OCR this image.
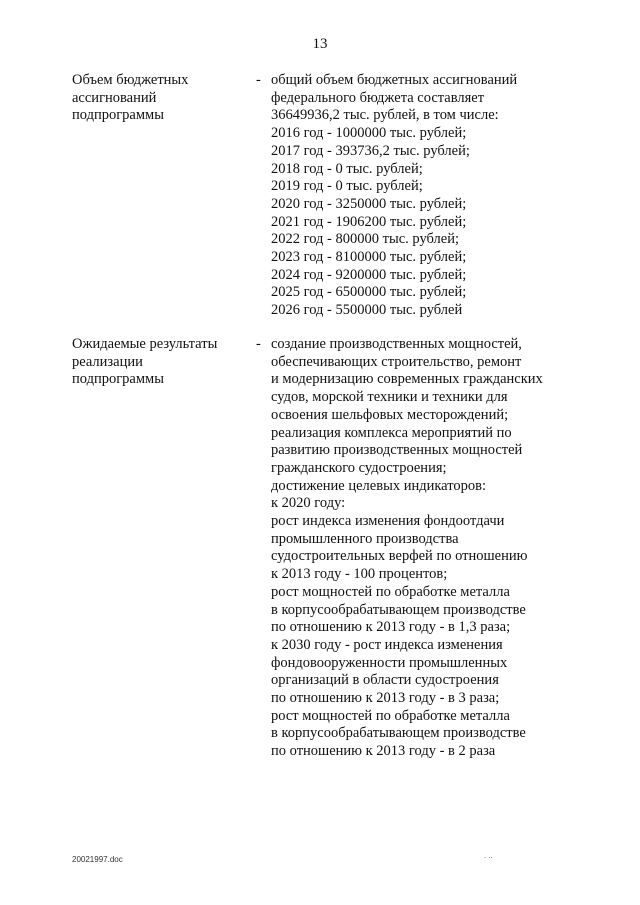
13
Объем бюджетных
ассигнований
подпрограммы
- общий объем бюджетных ассигнований
федерального бюджета составляет
36649936,2 тыс. рублей, в том числе:
2016 год - 1000000 тыс. рублей;
2017 год - 393736,2 тыс. рублей;
2018 год - 0 тыс. рублей;
2019 год - 0 тыс. рублей;
2020 год - 3250000 тыс. рублей;
2021 год - 1906200 тыс. рублей;
2022 год - 800000 тыс. рублей;
2023 год - 8100000 тыс. рублей;
2024 год - 9200000 тыс. рублей;
2025 год - 6500000 тыс. рублей;
2026 год - 5500000 тыс. рублей
Ожидаемые результаты
реализации
подпрограммы
- создание производственных мощностей,
обеспечивающих строительство, ремонт
и модернизацию современных гражданских
судов, морской техники и техники для
освоения шельфовых месторождений;
реализация комплекса мероприятий по
развитию производственных мощностей
гражданского судостроения;
достижение целевых индикаторов:
к 2020 году:
рост индекса изменения фондоотдачи
промышленного производства
судостроительных верфей по отношению
к 2013 году - 100 процентов;
рост мощностей по обработке металла
в корпусообрабатывающем производстве
по отношению к 2013 году - в 1,3 раза;
к 2030 году - рост индекса изменения
фондовооруженности промышленных
организаций в области судостроения
по отношению к 2013 году - в 3 раза;
рост мощностей по обработке металла
в корпусообрабатывающем производстве
по отношению к 2013 году - в 2 раза
20021997.doc	. ..
